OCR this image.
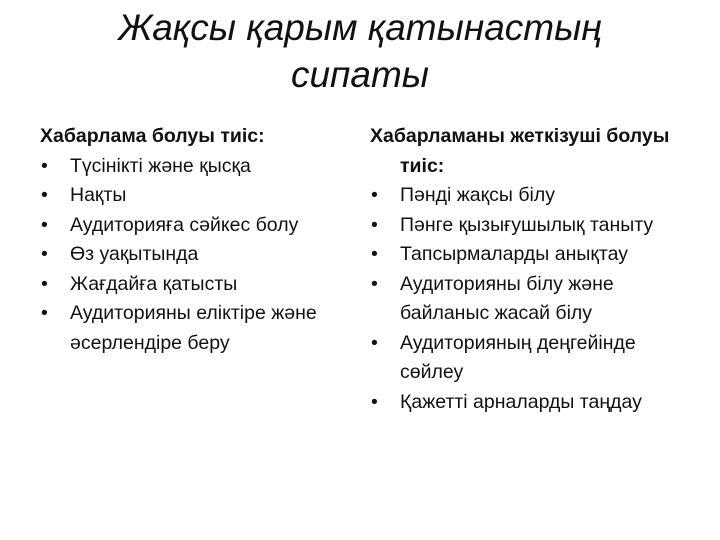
Жақсы қарым қатынастың
сипаты
Хабарлама болуы тиіс:
•	Түсінікті және қысқа
•	Нақты
•	Аудиторияға сәйкес болу
•	Өз уақытында
•	Жағдайға қатысты
•	Аудиторияны еліктіре және әсерлендіре беру
Хабарламаны жеткізуші болуы тиіс:
•	Пәнді жақсы білу
•	Пәнге қызығушылық таныту
•	Тапсырмаларды анықтау
•	Аудиторияны білу және байланыс жасай білу
•	Аудиторияның деңгейінде сөйлеу
•	Қажетті арналарды таңдау
